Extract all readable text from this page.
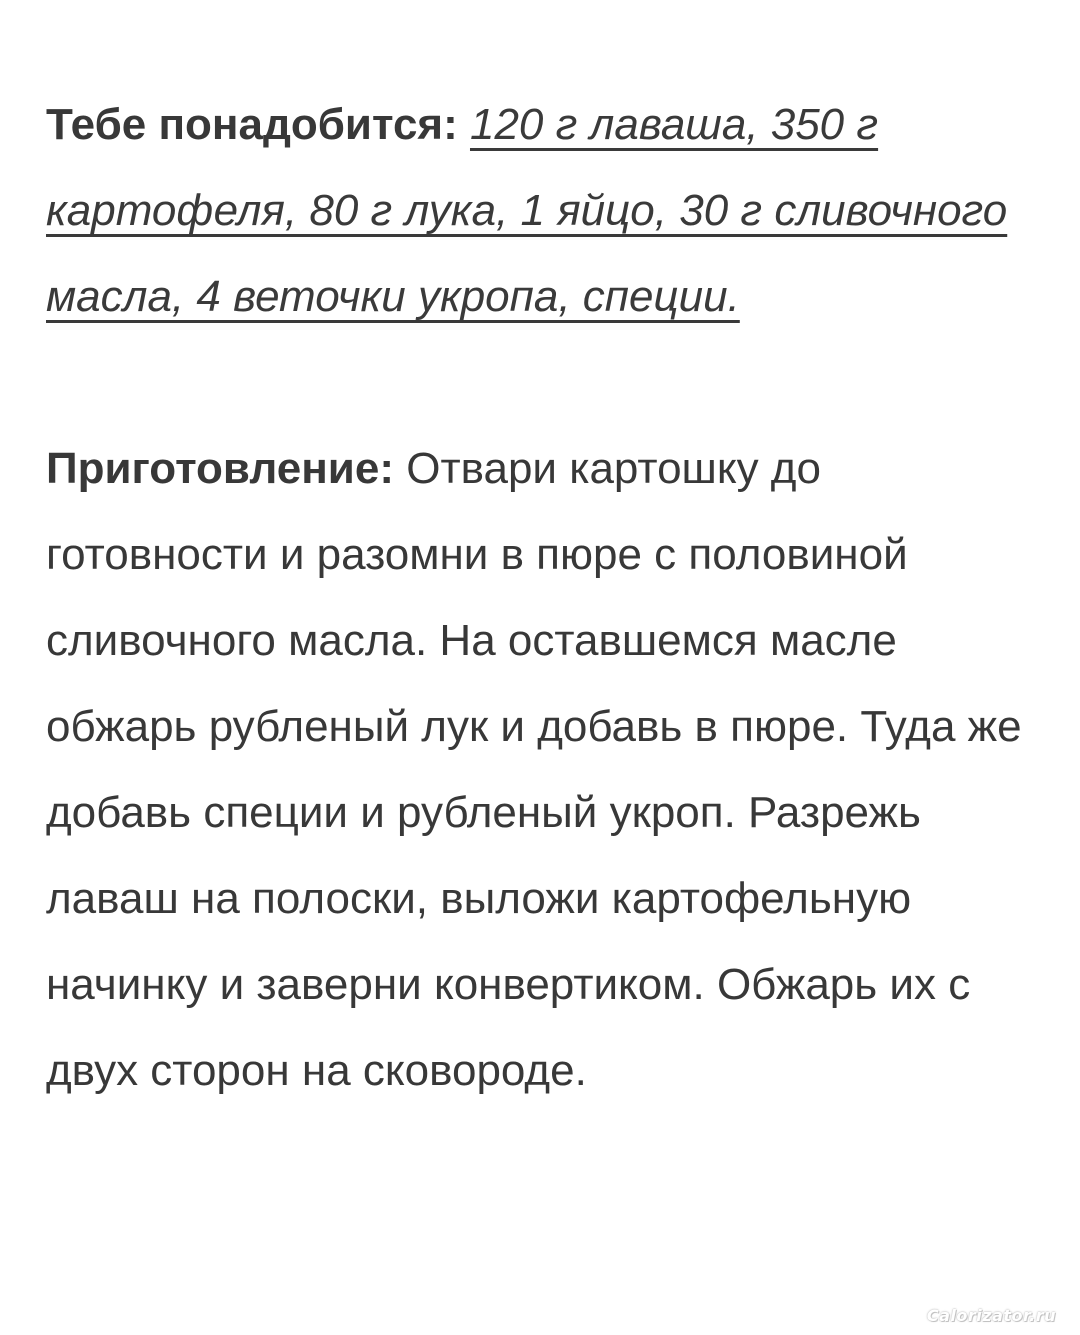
Тебе понадобится: 120 г лаваша, 350 г картофеля, 80 г лука, 1 яйцо, 30 г сливочного масла, 4 веточки укропа, специи.

Приготовление: Отвари картошку до готовности и разомни в пюре с половиной сливочного масла. На оставшемся масле обжарь рубленый лук и добавь в пюре. Туда же добавь специи и рубленый укроп. Разрежь лаваш на полоски, выложи картофельную начинку и заверни конвертиком. Обжарь их с двух сторон на сковороде.

Calorizator.ru
